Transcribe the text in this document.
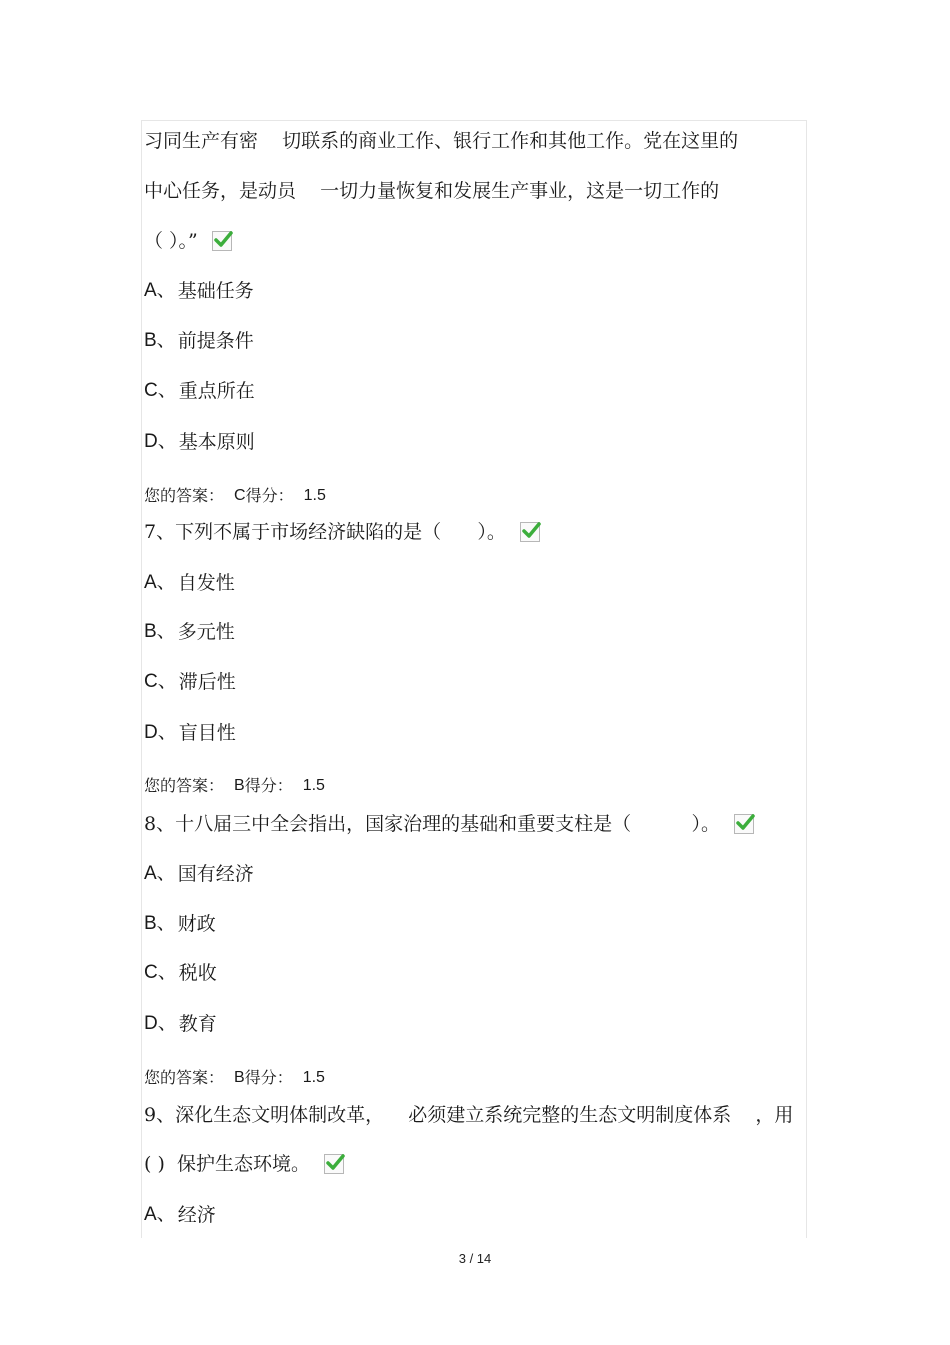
习同生产有密    切联系的商业工作、银行工作和其他工作。党在这里的
中心任务，是动员    一切力量恢复和发展生产事业，这是一切工作的
（ ）。”

A、 基础任务
B、 前提条件
C、 重点所在
D、 基本原则
您的答案： C 得分： 1.5
7、下列不属于市场经济缺陷的是（      ）。

A、 自发性
B、 多元性
C、 滞后性
D、 盲目性
您的答案： B 得分： 1.5
8、十八届三中全会指出，国家治理的基础和重要支柱是（          ）。

A、 国有经济
B、 财政
C、 税收
D、 教育
您的答案： B 得分： 1.5
9、深化生态文明体制改革，    必须建立系统完整的生态文明制度体系    ，用
( )  保护生态环境。

A、 经济
3 / 14
